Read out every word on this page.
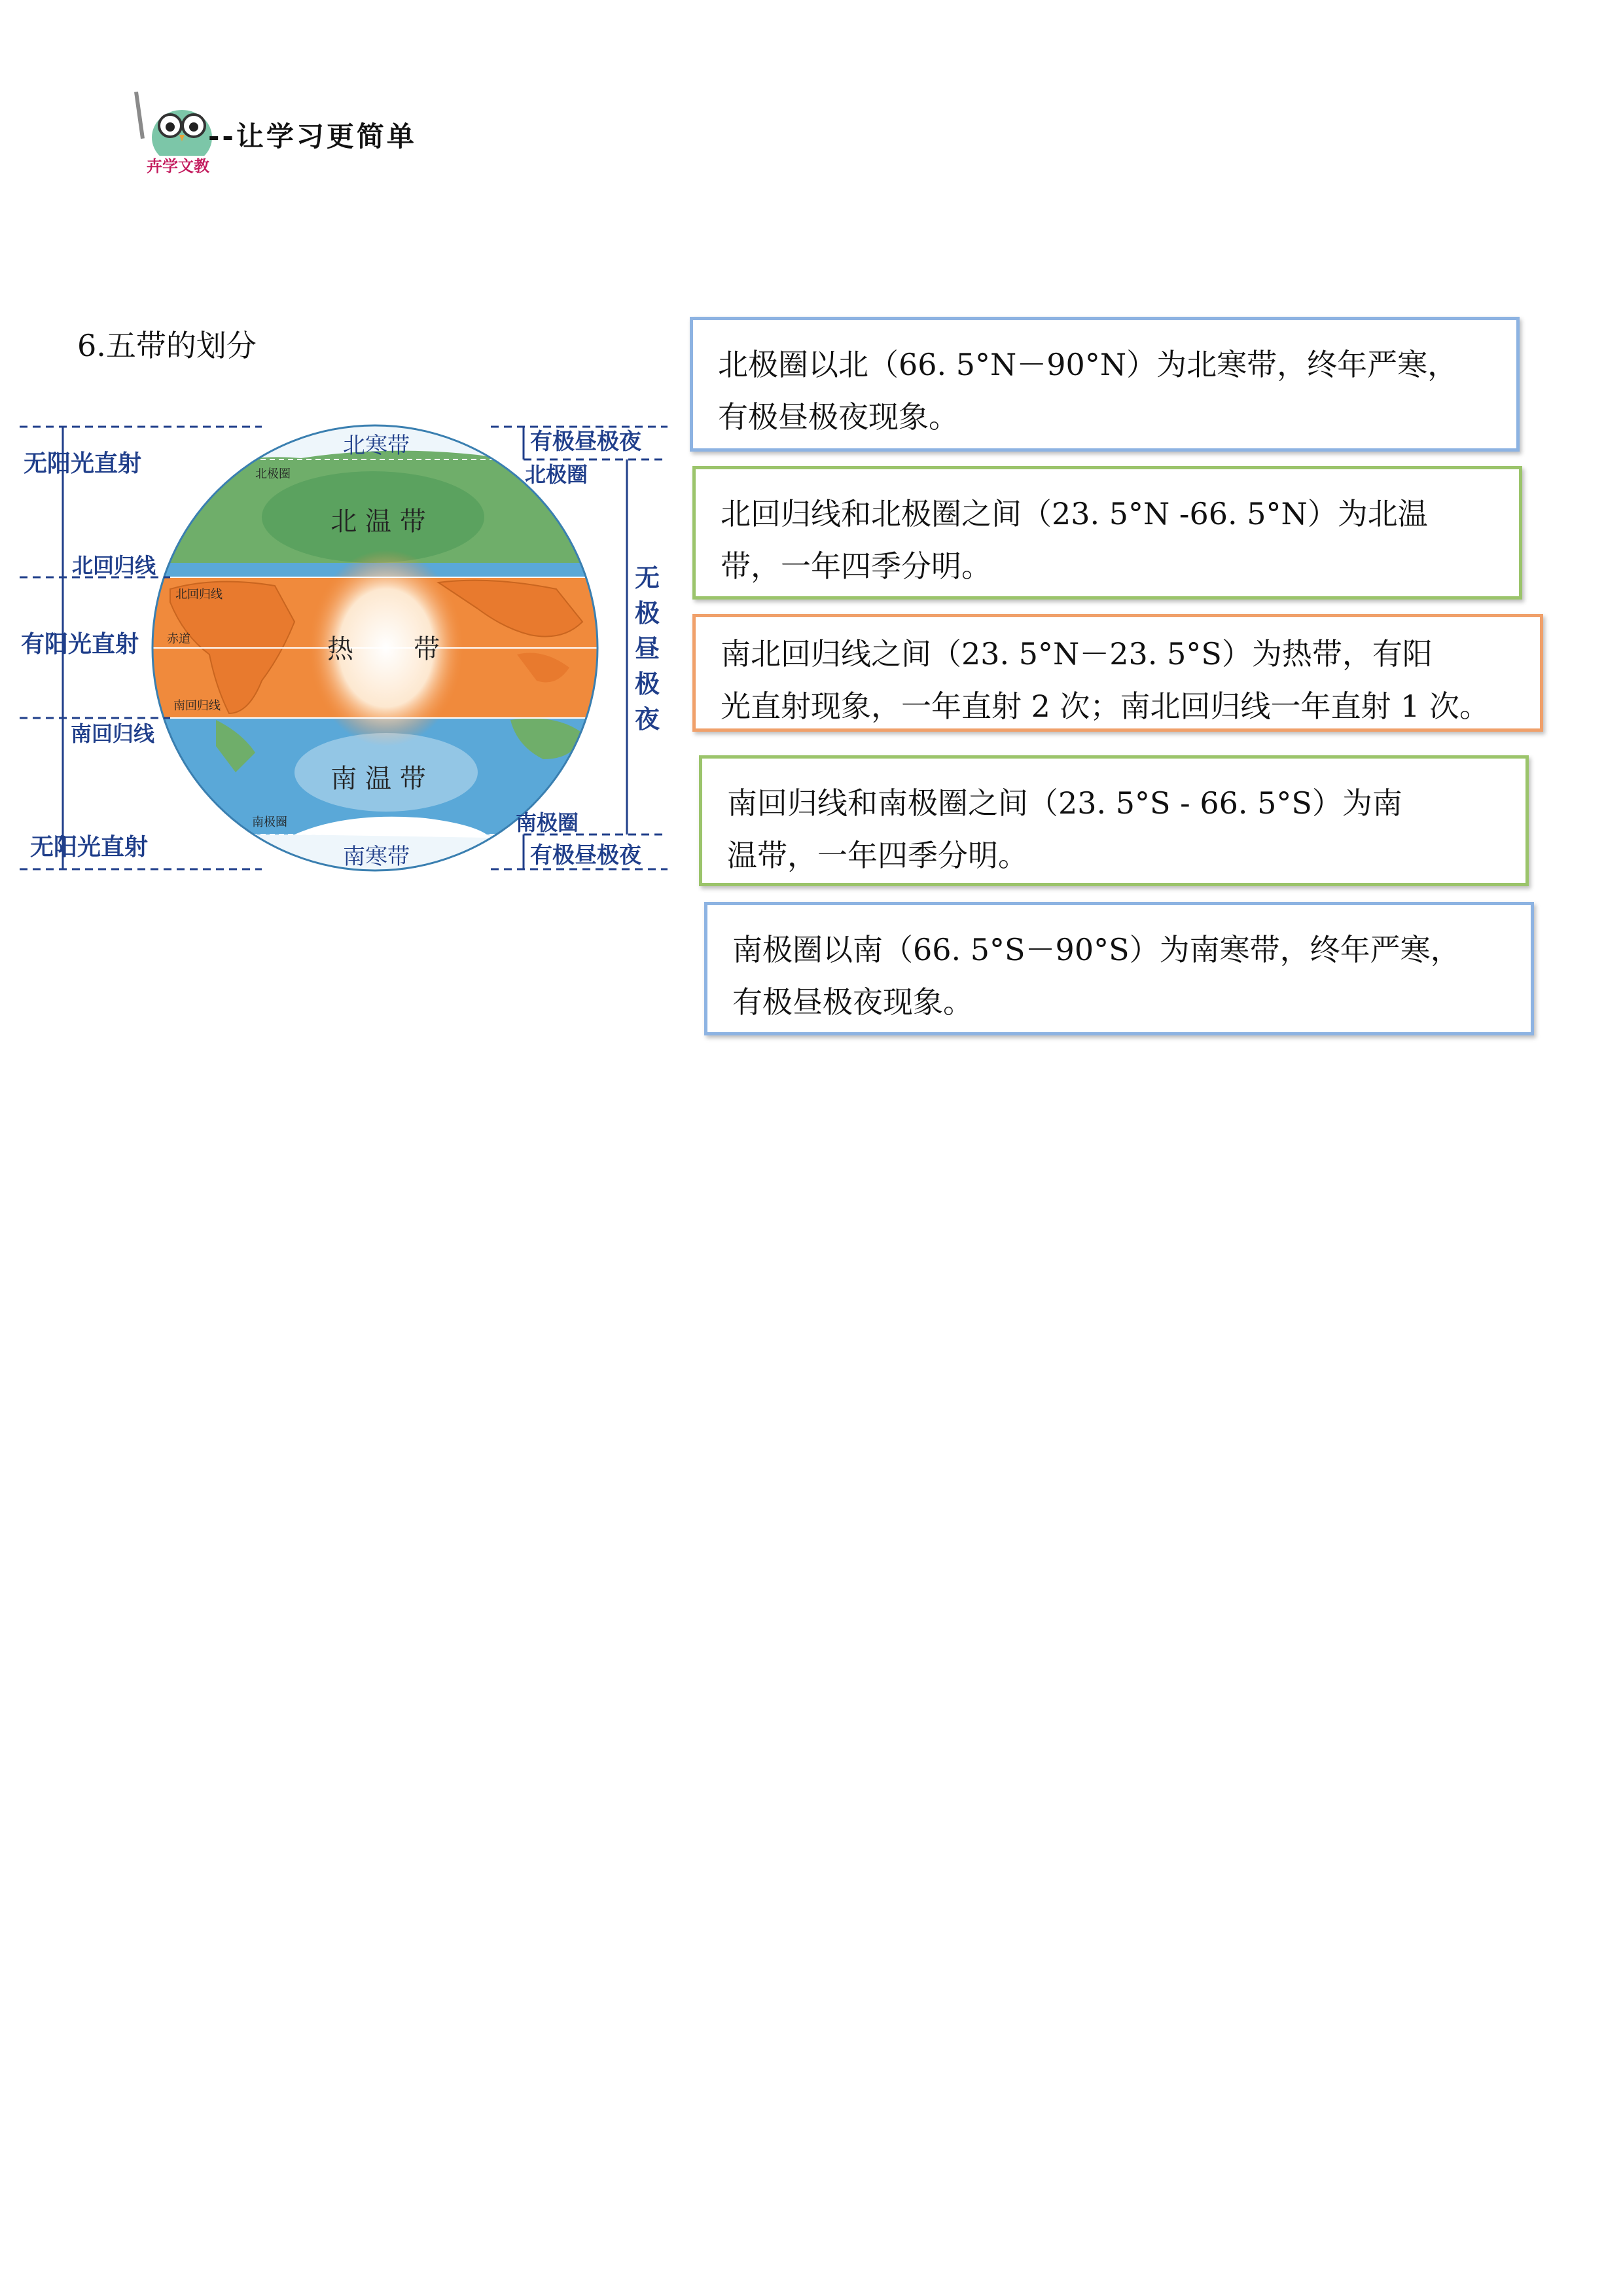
卉学文教
--让学习更简单
6.五带的划分
北寒带
北 温 带
热 带
南 温 带
南寒带
北极圈
北回归线
赤道
南回归线
南极圈
无阳光直射
北回归线
有阳光直射
南回归线
无阳光直射
有极昼极夜
北极圈
无
极
昼
极
夜
南极圈
有极昼极夜
北极圈以北（66. 5°N－90°N）为北寒带，终年严寒，
有极昼极夜现象。
北回归线和北极圈之间（23. 5°N -66. 5°N）为北温
带，一年四季分明。
南北回归线之间（23. 5°N－23. 5°S）为热带，有阳
光直射现象，一年直射 2 次；南北回归线一年直射 1 次。
南回归线和南极圈之间（23. 5°S - 66. 5°S）为南
温带，一年四季分明。
南极圈以南（66. 5°S－90°S）为南寒带，终年严寒，
有极昼极夜现象。
